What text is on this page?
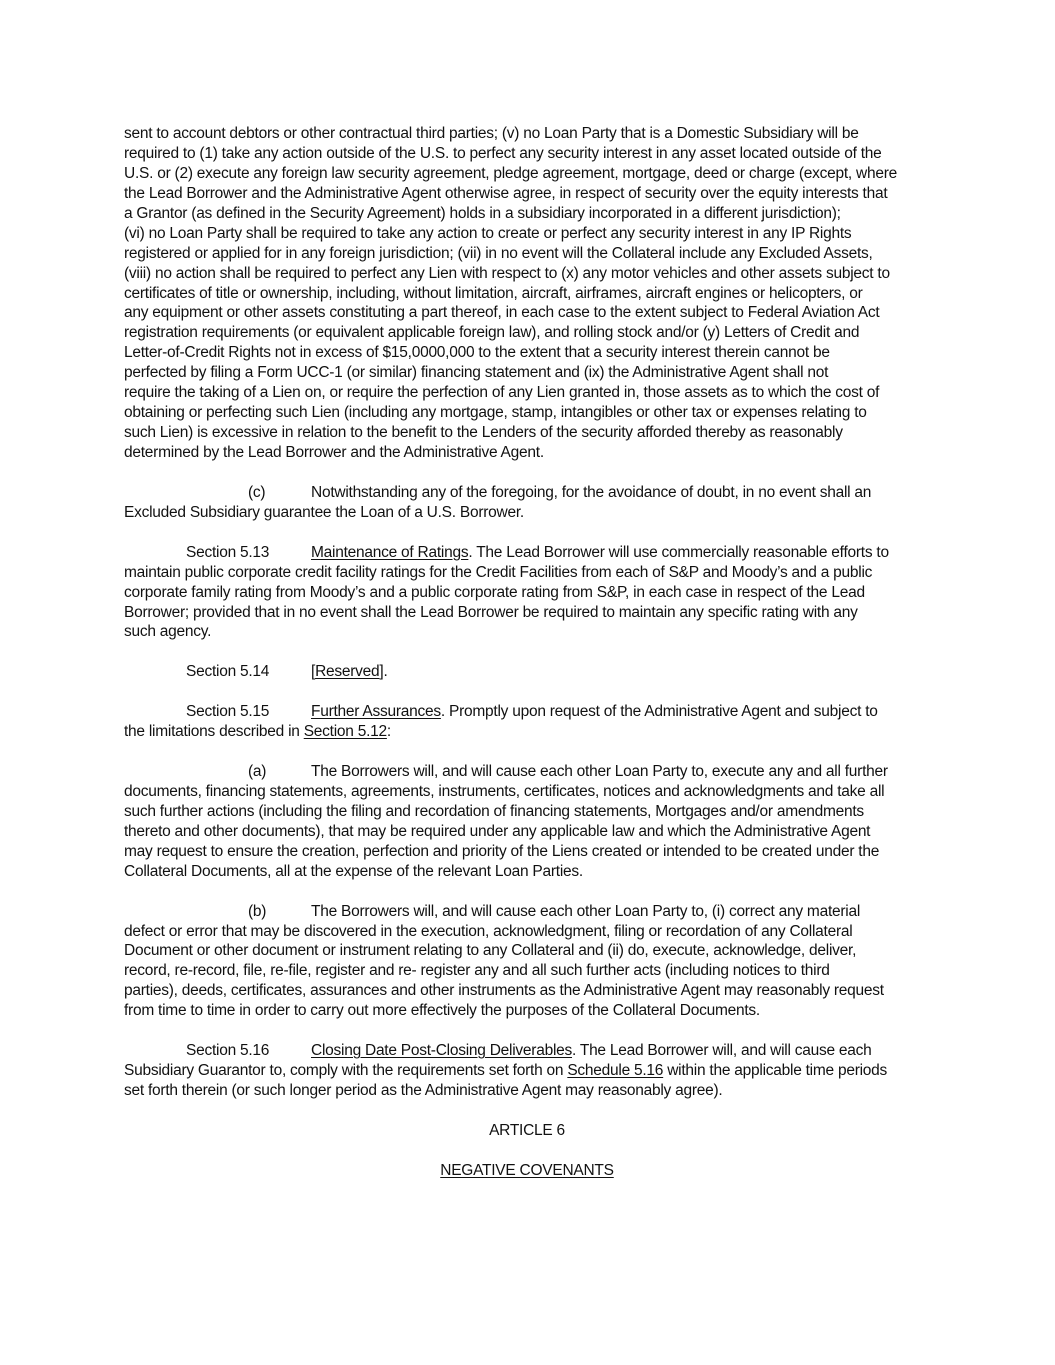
sent to account debtors or other contractual third parties; (v) no Loan Party that is a Domestic Subsidiary will be
required to (1) take any action outside of the U.S. to perfect any security interest in any asset located outside of the
U.S. or (2) execute any foreign law security agreement, pledge agreement, mortgage, deed or charge (except, where
the Lead Borrower and the Administrative Agent otherwise agree, in respect of security over the equity interests that
a Grantor (as defined in the Security Agreement) holds in a subsidiary incorporated in a different jurisdiction);
(vi) no Loan Party shall be required to take any action to create or perfect any security interest in any IP Rights
registered or applied for in any foreign jurisdiction; (vii) in no event will the Collateral include any Excluded Assets,
(viii) no action shall be required to perfect any Lien with respect to (x) any motor vehicles and other assets subject to
certificates of title or ownership, including, without limitation, aircraft, airframes, aircraft engines or helicopters, or
any equipment or other assets constituting a part thereof, in each case to the extent subject to Federal Aviation Act
registration requirements (or equivalent applicable foreign law), and rolling stock and/or (y) Letters of Credit and
Letter-of-Credit Rights not in excess of $15,0000,000 to the extent that a security interest therein cannot be
perfected by filing a Form UCC-1 (or similar) financing statement and (ix) the Administrative Agent shall not
require the taking of a Lien on, or require the perfection of any Lien granted in, those assets as to which the cost of
obtaining or perfecting such Lien (including any mortgage, stamp, intangibles or other tax or expenses relating to
such Lien) is excessive in relation to the benefit to the Lenders of the security afforded thereby as reasonably
determined by the Lead Borrower and the Administrative Agent.
(c)	Notwithstanding any of the foregoing, for the avoidance of doubt, in no event shall an
Excluded Subsidiary guarantee the Loan of a U.S. Borrower.
Section 5.13	Maintenance of Ratings. The Lead Borrower will use commercially reasonable efforts to
maintain public corporate credit facility ratings for the Credit Facilities from each of S&P and Moody’s and a public
corporate family rating from Moody’s and a public corporate rating from S&P, in each case in respect of the Lead
Borrower; provided that in no event shall the Lead Borrower be required to maintain any specific rating with any
such agency.
Section 5.14	[Reserved].
Section 5.15	Further Assurances. Promptly upon request of the Administrative Agent and subject to
the limitations described in Section 5.12:
(a)	The Borrowers will, and will cause each other Loan Party to, execute any and all further
documents, financing statements, agreements, instruments, certificates, notices and acknowledgments and take all
such further actions (including the filing and recordation of financing statements, Mortgages and/or amendments
thereto and other documents), that may be required under any applicable law and which the Administrative Agent
may request to ensure the creation, perfection and priority of the Liens created or intended to be created under the
Collateral Documents, all at the expense of the relevant Loan Parties.
(b)	The Borrowers will, and will cause each other Loan Party to, (i) correct any material
defect or error that may be discovered in the execution, acknowledgment, filing or recordation of any Collateral
Document or other document or instrument relating to any Collateral and (ii) do, execute, acknowledge, deliver,
record, re-record, file, re-file, register and re- register any and all such further acts (including notices to third
parties), deeds, certificates, assurances and other instruments as the Administrative Agent may reasonably request
from time to time in order to carry out more effectively the purposes of the Collateral Documents.
Section 5.16	Closing Date Post-Closing Deliverables. The Lead Borrower will, and will cause each
Subsidiary Guarantor to, comply with the requirements set forth on Schedule 5.16 within the applicable time periods
set forth therein (or such longer period as the Administrative Agent may reasonably agree).
ARTICLE 6
NEGATIVE COVENANTS
